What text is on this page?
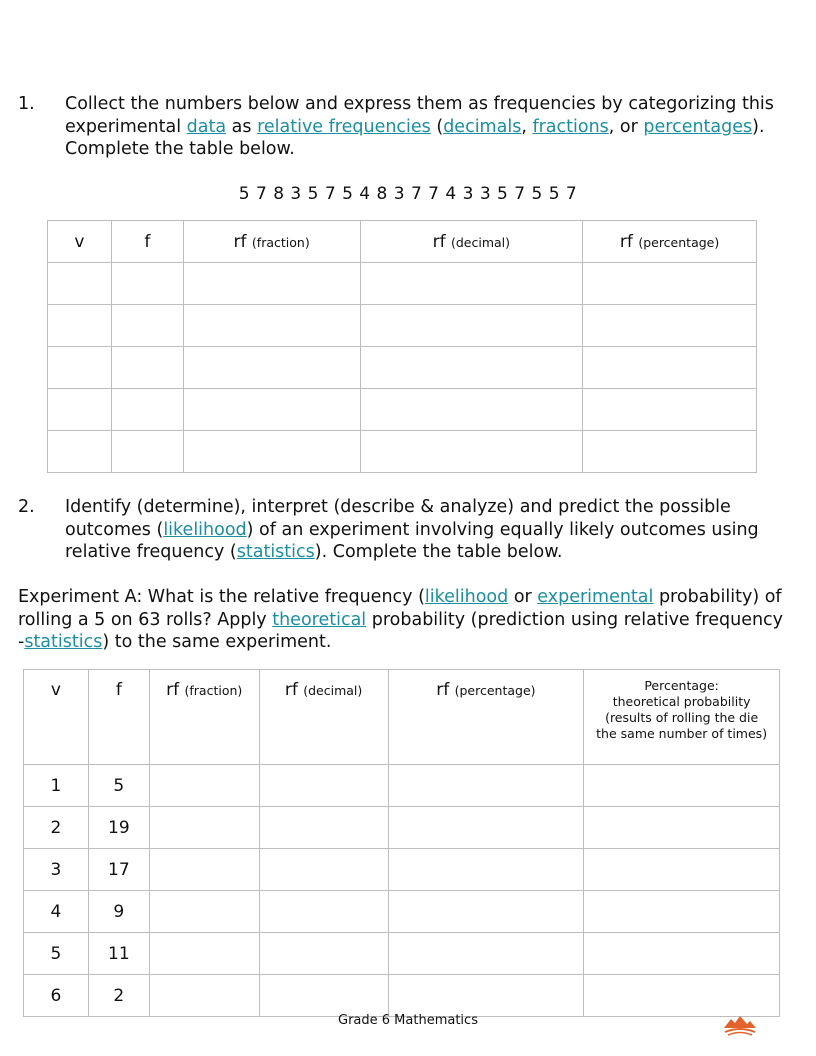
1. Collect the numbers below and express them as frequencies by categorizing this experimental data as relative frequencies (decimals, fractions, or percentages). Complete the table below.
5 7 8 3 5 7 5 4 8 3 7 7 4 3 3 5 7 5 5 7
v	f	rf (fraction)	rf (decimal)	rf (percentage)

2. Identify (determine), interpret (describe & analyze) and predict the possible outcomes (likelihood) of an experiment involving equally likely outcomes using relative frequency (statistics). Complete the table below.
Experiment A: What is the relative frequency (likelihood or experimental probability) of rolling a 5 on 63 rolls? Apply theoretical probability (prediction using relative frequency -statistics) to the same experiment.
v	f	rf (fraction)	rf (decimal)	rf (percentage)	Percentage:
theoretical probability
(results of rolling the die
the same number of times)

1	5				
2	19				
3	17				
4	9				
5	11				
6	2				
Grade 6 Mathematics
